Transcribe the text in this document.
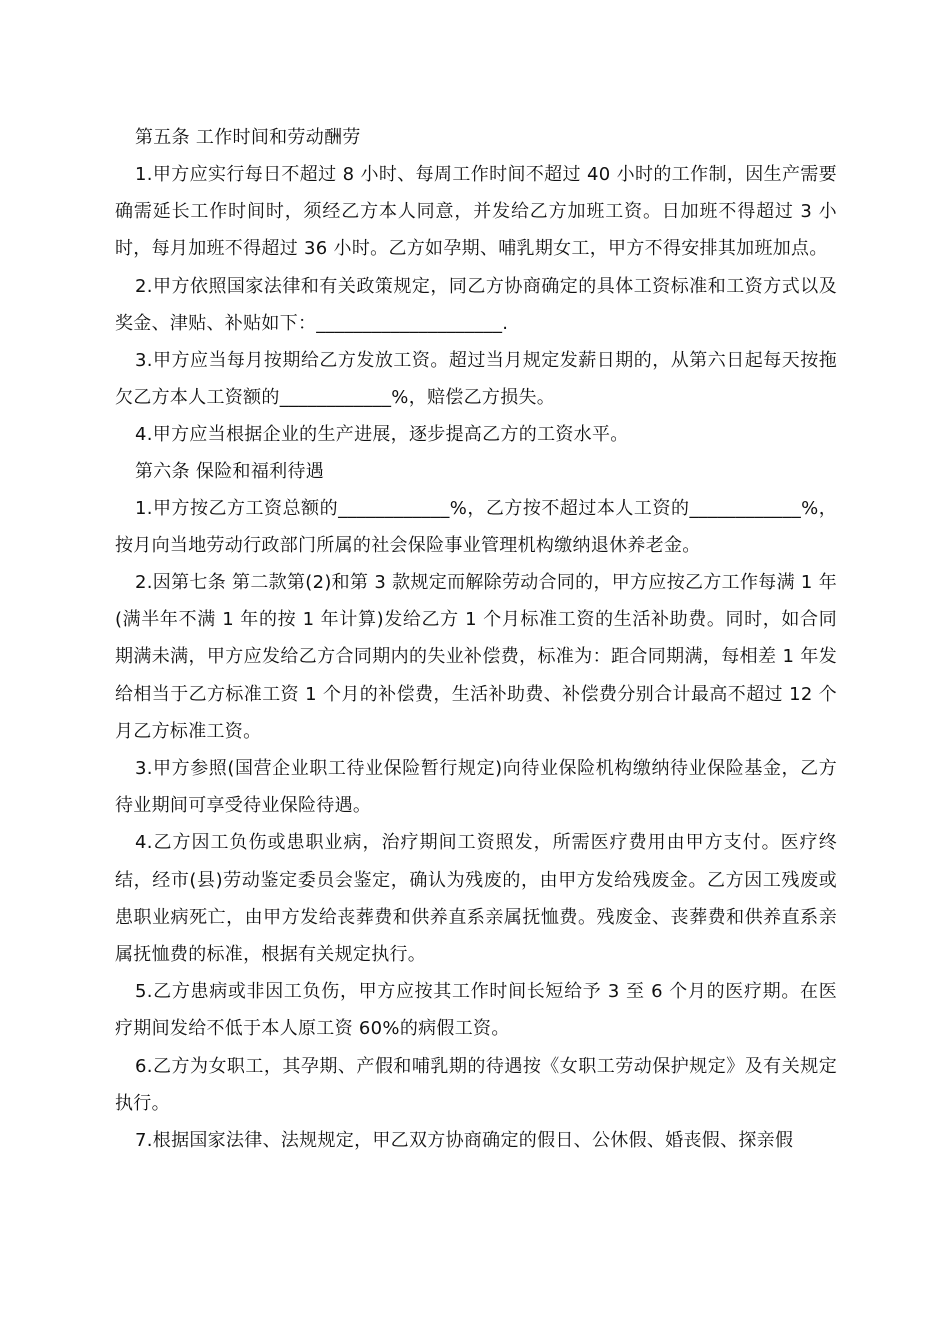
第五条 工作时间和劳动酬劳

1.甲方应实行每日不超过 8 小时、每周工作时间不超过 40 小时的工作制，因生产需要确需延长工作时间时，须经乙方本人同意，并发给乙方加班工资。日加班不得超过 3 小时，每月加班不得超过 36 小时。乙方如孕期、哺乳期女工，甲方不得安排其加班加点。

2.甲方依照国家法律和有关政策规定，同乙方协商确定的具体工资标准和工资方式以及奖金、津贴、补贴如下：____________________.

3.甲方应当每月按期给乙方发放工资。超过当月规定发薪日期的，从第六日起每天按拖欠乙方本人工资额的____________%，赔偿乙方损失。

4.甲方应当根据企业的生产进展，逐步提高乙方的工资水平。

第六条 保险和福利待遇

1.甲方按乙方工资总额的____________%，乙方按不超过本人工资的____________%，按月向当地劳动行政部门所属的社会保险事业管理机构缴纳退休养老金。

2.因第七条 第二款第(2)和第 3 款规定而解除劳动合同的，甲方应按乙方工作每满 1 年(满半年不满 1 年的按 1 年计算)发给乙方 1 个月标准工资的生活补助费。同时，如合同期满未满，甲方应发给乙方合同期内的失业补偿费，标准为：距合同期满，每相差 1 年发给相当于乙方标准工资 1 个月的补偿费，生活补助费、补偿费分别合计最高不超过 12 个月乙方标准工资。

3.甲方参照(国营企业职工待业保险暂行规定)向待业保险机构缴纳待业保险基金，乙方待业期间可享受待业保险待遇。

4.乙方因工负伤或患职业病，治疗期间工资照发，所需医疗费用由甲方支付。医疗终结，经市(县)劳动鉴定委员会鉴定，确认为残废的，由甲方发给残废金。乙方因工残废或患职业病死亡，由甲方发给丧葬费和供养直系亲属抚恤费。残废金、丧葬费和供养直系亲属抚恤费的标准，根据有关规定执行。

5.乙方患病或非因工负伤，甲方应按其工作时间长短给予 3 至 6 个月的医疗期。在医疗期间发给不低于本人原工资 60%的病假工资。

6.乙方为女职工，其孕期、产假和哺乳期的待遇按《女职工劳动保护规定》及有关规定执行。

7.根据国家法律、法规规定，甲乙双方协商确定的假日、公休假、婚丧假、探亲假
